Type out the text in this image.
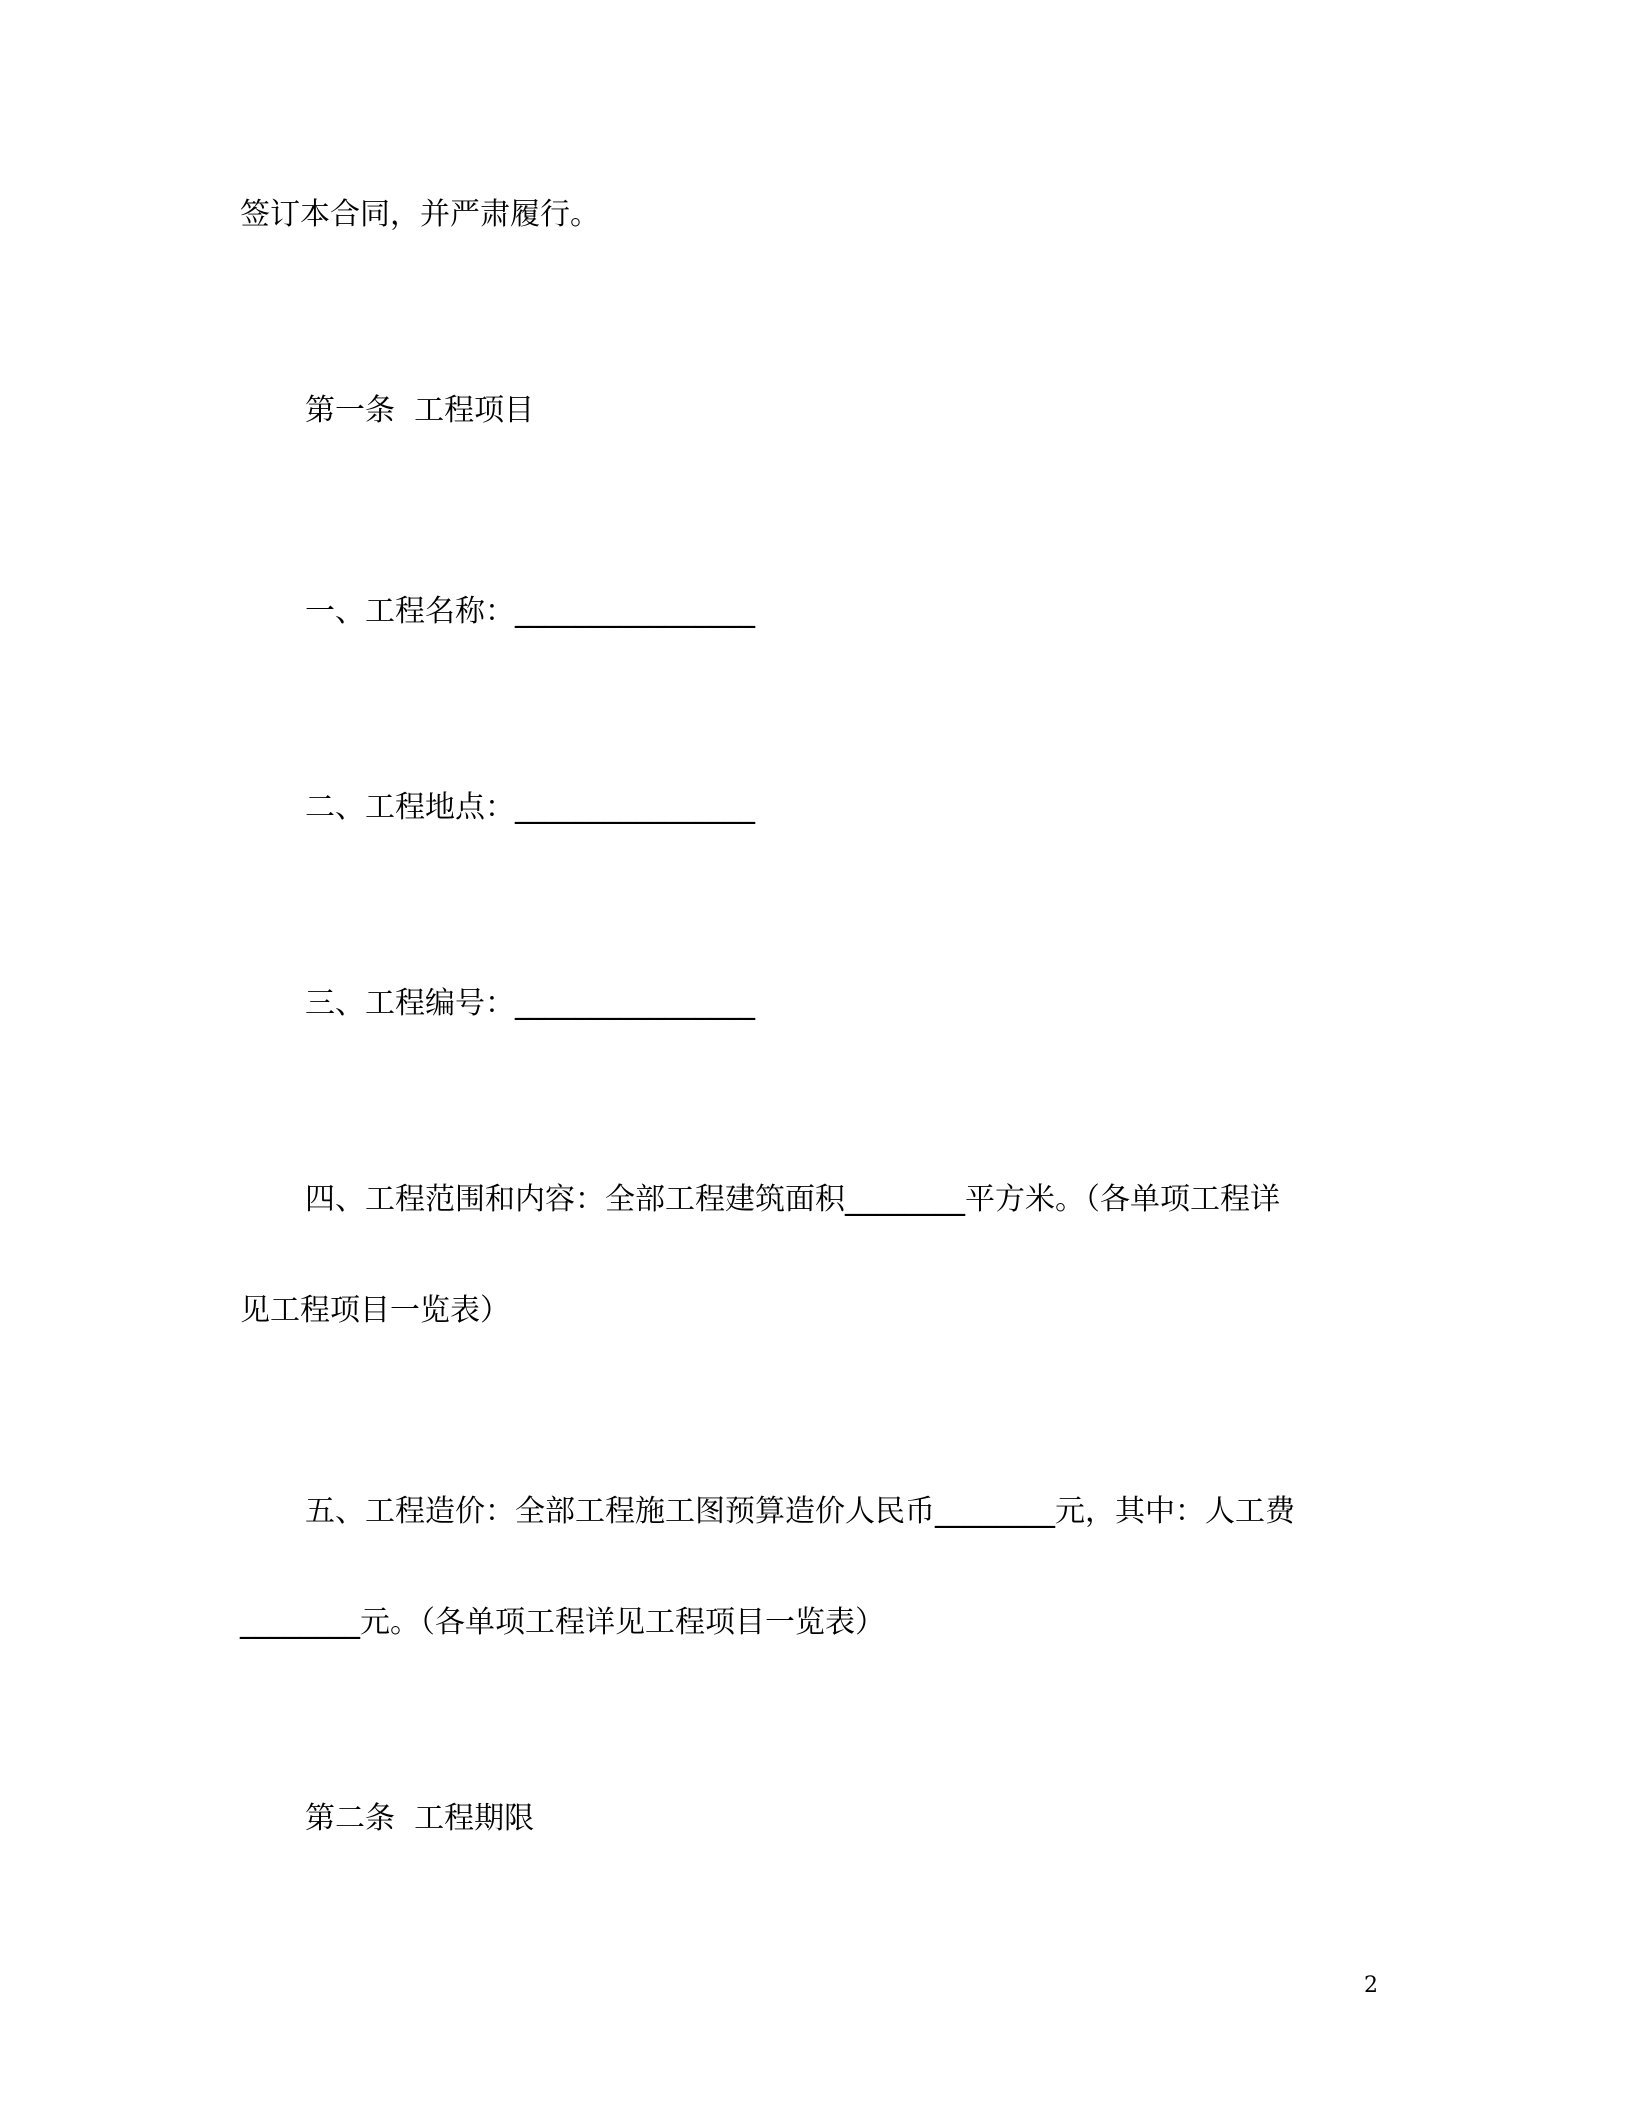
签订本合同，并严肃履行。
第一条  工程项目
一、工程名称：________________
二、工程地点：________________
三、工程编号：________________
四、工程范围和内容：全部工程建筑面积________平方米。（各单项工程详
见工程项目一览表）
五、工程造价：全部工程施工图预算造价人民币________元，其中：人工费
________元。（各单项工程详见工程项目一览表）
第二条  工程期限
2
